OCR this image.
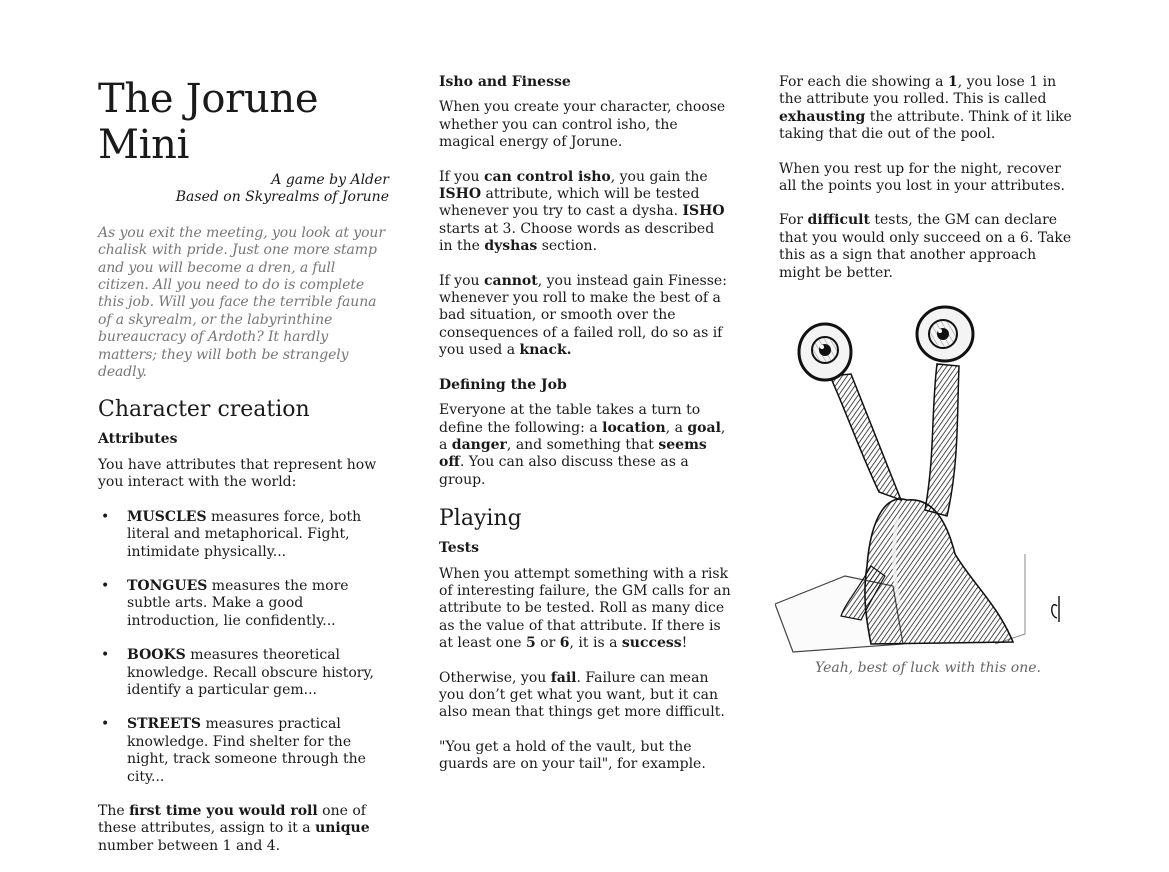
The Jorune Mini

A game by Alder

Based on Skyrealms of Jorune

As you exit the meeting, you look at your chalisk with pride. Just one more stamp and you will become a dren, a full citizen. All you need to do is complete this job. Will you face the terrible fauna of a skyrealm, or the labyrinthine bureaucracy of Ardoth? It hardly matters; they will both be strangely deadly.

Character creation
Attributes

You have attributes that represent how you interact with the world:

• MUSCLES measures force, both literal and metaphorical. Fight, intimidate physically...
• TONGUES measures the more subtle arts. Make a good introduction, lie confidently...
• BOOKS measures theoretical knowledge. Recall obscure history, identify a particular gem...
• STREETS measures practical knowledge. Find shelter for the night, track someone through the city...

The first time you would roll one of these attributes, assign to it a unique number between 1 and 4.

Isho and Finesse

When you create your character, choose whether you can control isho, the magical energy of Jorune.

If you can control isho, you gain the ISHO attribute, which will be tested whenever you try to cast a dysha. ISHO starts at 3. Choose words as described in the dyshas section.

If you cannot, you instead gain Finesse: whenever you roll to make the best of a bad situation, or smooth over the consequences of a failed roll, do so as if you used a knack.

Defining the Job

Everyone at the table takes a turn to define the following: a location, a goal, a danger, and something that seems off. You can also discuss these as a group.

Playing
Tests

When you attempt something with a risk of interesting failure, the GM calls for an attribute to be tested. Roll as many dice as the value of that attribute. If there is at least one 5 or 6, it is a success!

Otherwise, you fail. Failure can mean you don’t get what you want, but it can also mean that things get more difficult.

"You get a hold of the vault, but the guards are on your tail", for example.

For each die showing a 1, you lose 1 in the attribute you rolled. This is called exhausting the attribute. Think of it like taking that die out of the pool.

When you rest up for the night, recover all the points you lost in your attributes.

For difficult tests, the GM can declare that you would only succeed on a 6. Take this as a sign that another approach might be better.

Yeah, best of luck with this one.
